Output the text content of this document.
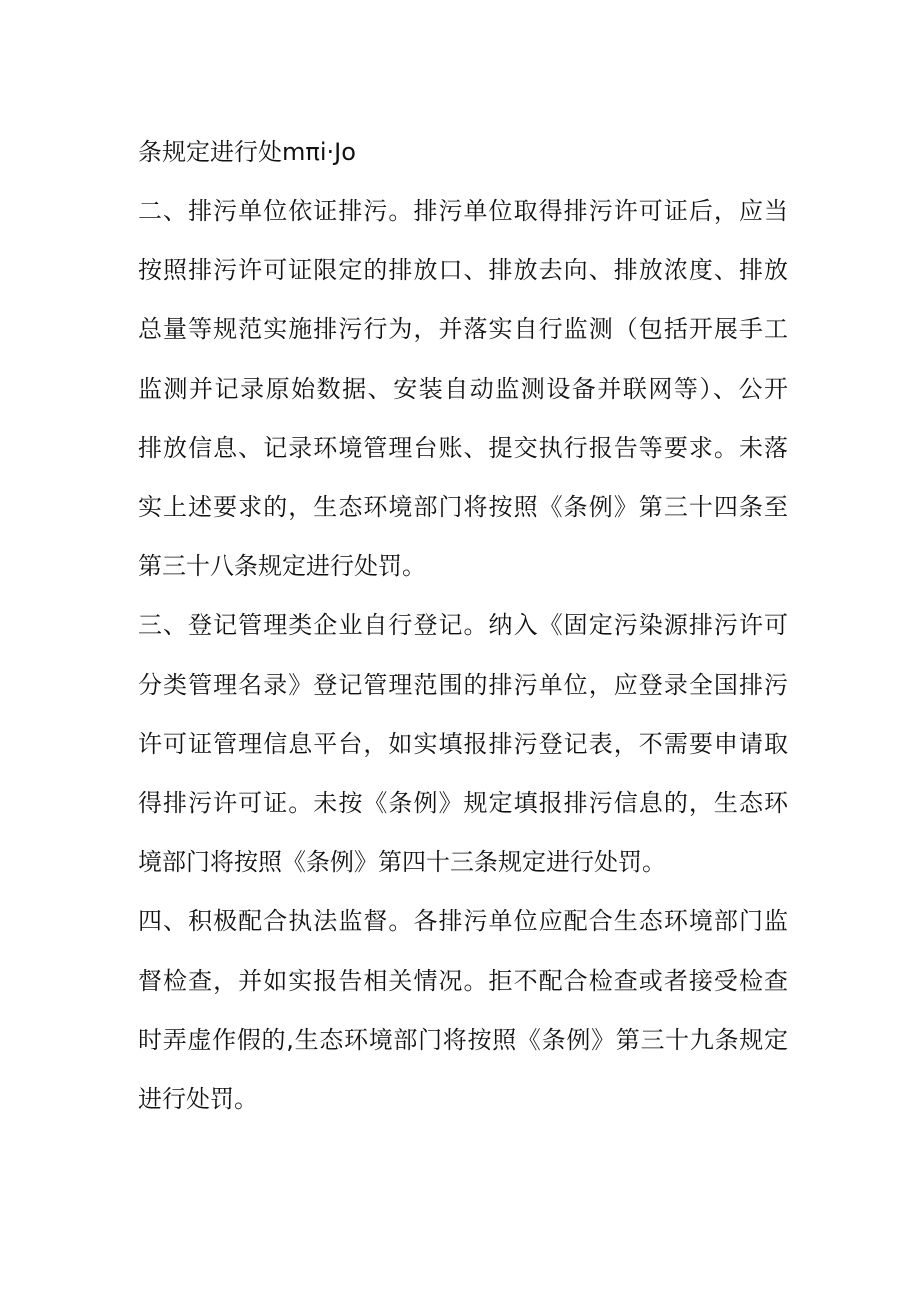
条规定进行处mπi·Jo
二、排污单位依证排污。排污单位取得排污许可证后，应当
按照排污许可证限定的排放口、排放去向、排放浓度、排放
总量等规范实施排污行为，并落实自行监测（包括开展手工
监测并记录原始数据、安装自动监测设备并联网等）、公开
排放信息、记录环境管理台账、提交执行报告等要求。未落
实上述要求的，生态环境部门将按照《条例》第三十四条至
第三十八条规定进行处罚。
三、登记管理类企业自行登记。纳入《固定污染源排污许可
分类管理名录》登记管理范围的排污单位，应登录全国排污
许可证管理信息平台，如实填报排污登记表，不需要申请取
得排污许可证。未按《条例》规定填报排污信息的，生态环
境部门将按照《条例》第四十三条规定进行处罚。
四、积极配合执法监督。各排污单位应配合生态环境部门监
督检查，并如实报告相关情况。拒不配合检查或者接受检查
时弄虚作假的,生态环境部门将按照《条例》第三十九条规定
进行处罚。
